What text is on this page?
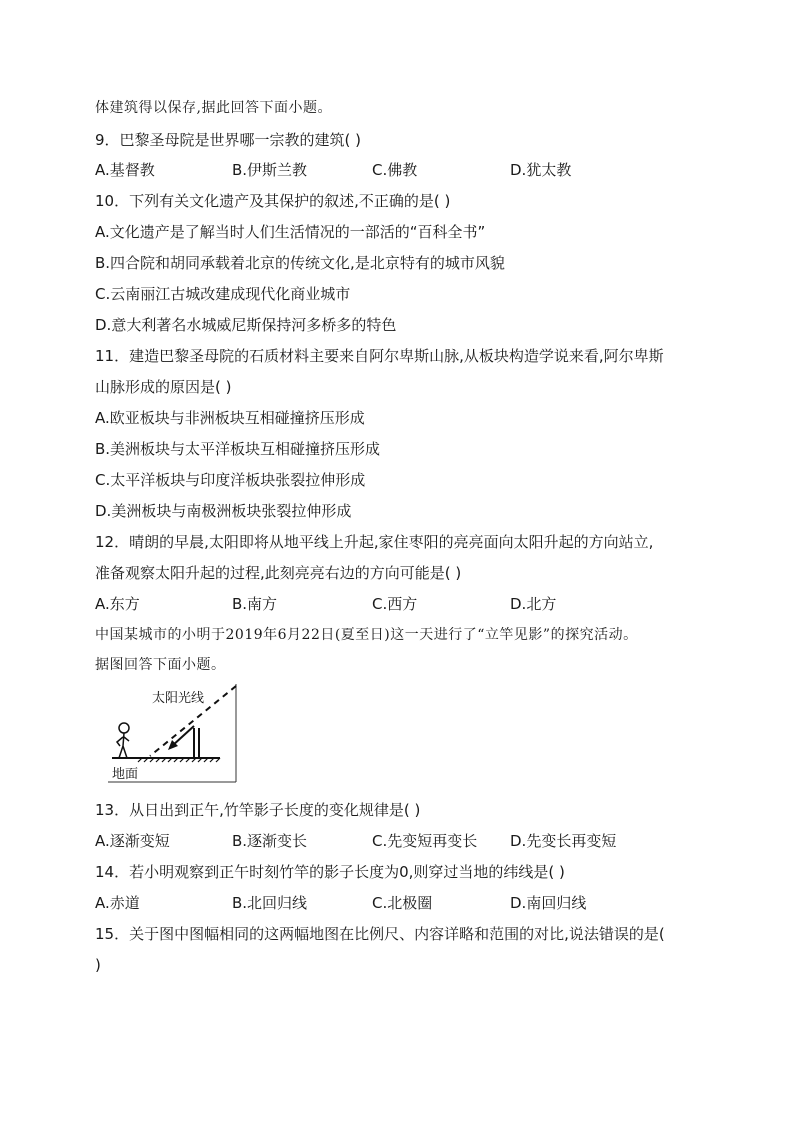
体建筑得以保存,据此回答下面小题。
9．巴黎圣母院是世界哪一宗教的建筑( )
A.基督教	B.伊斯兰教	C.佛教	D.犹太教
10．下列有关文化遗产及其保护的叙述,不正确的是( )
A.文化遗产是了解当时人们生活情况的一部活的“百科全书”
B.四合院和胡同承载着北京的传统文化,是北京特有的城市风貌
C.云南丽江古城改建成现代化商业城市
D.意大利著名水城威尼斯保持河多桥多的特色
11．建造巴黎圣母院的石质材料主要来自阿尔卑斯山脉,从板块构造学说来看,阿尔卑斯
山脉形成的原因是( )
A.欧亚板块与非洲板块互相碰撞挤压形成
B.美洲板块与太平洋板块互相碰撞挤压形成
C.太平洋板块与印度洋板块张裂拉伸形成
D.美洲板块与南极洲板块张裂拉伸形成
12．晴朗的早晨,太阳即将从地平线上升起,家住枣阳的亮亮面向太阳升起的方向站立,
准备观察太阳升起的过程,此刻亮亮右边的方向可能是( )
A.东方	B.南方	C.西方	D.北方
中国某城市的小明于2019年6月22日(夏至日)这一天进行了“立竿见影”的探究活动。
据图回答下面小题。
太阳光线
地面
13．从日出到正午,竹竿影子长度的变化规律是( )
A.逐渐变短	B.逐渐变长	C.先变短再变长 D.先变长再变短
14．若小明观察到正午时刻竹竿的影子长度为0,则穿过当地的纬线是( )
A.赤道	B.北回归线	C.北极圈	D.南回归线
15．关于图中图幅相同的这两幅地图在比例尺、内容详略和范围的对比,说法错误的是(
)
